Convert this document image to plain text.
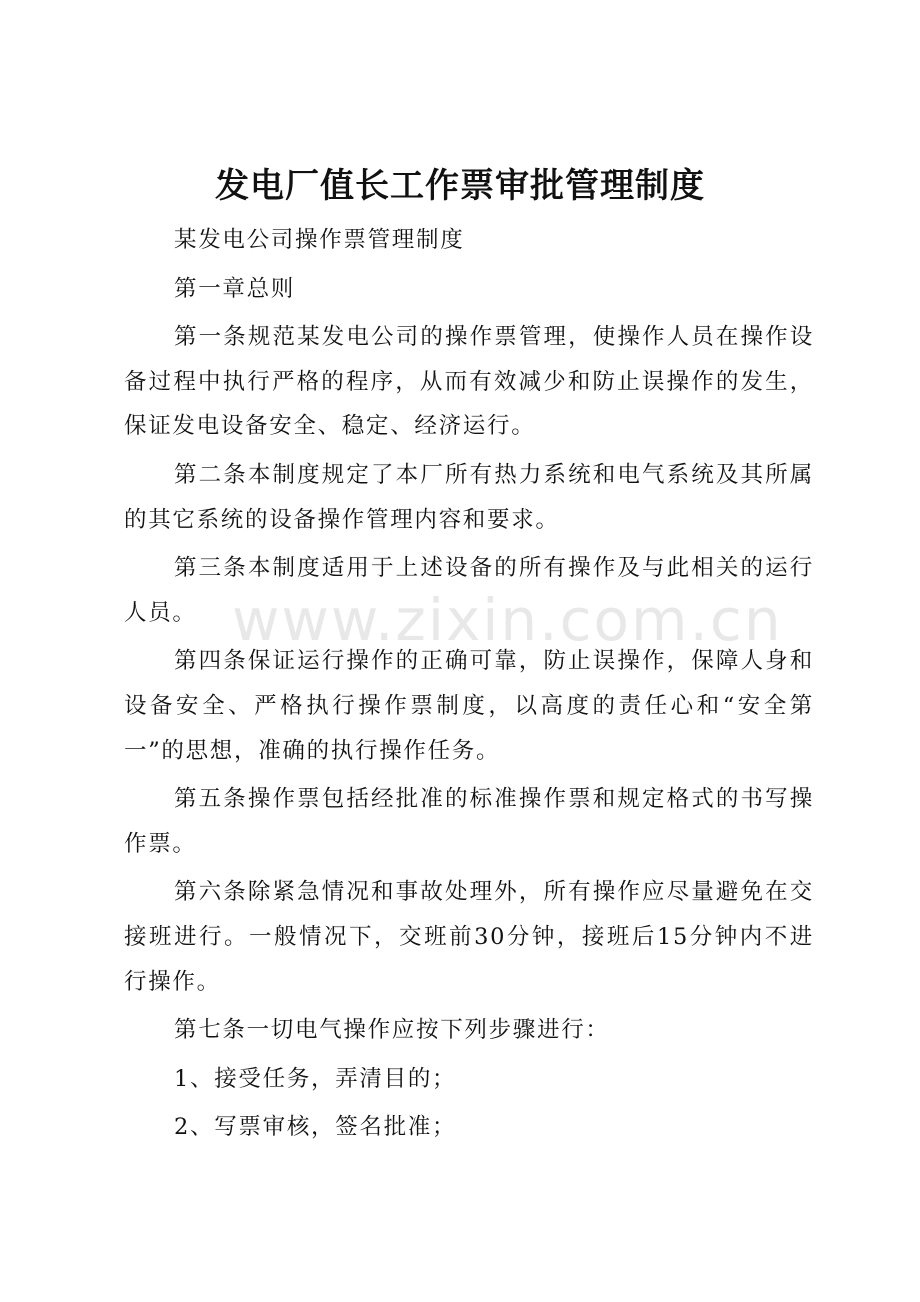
发电厂值长工作票审批管理制度

某发电公司操作票管理制度

第一章总则

第一条规范某发电公司的操作票管理，使操作人员在操作设备过程中执行严格的程序，从而有效减少和防止误操作的发生，保证发电设备安全、稳定、经济运行。

第二条本制度规定了本厂所有热力系统和电气系统及其所属的其它系统的设备操作管理内容和要求。

第三条本制度适用于上述设备的所有操作及与此相关的运行人员。

第四条保证运行操作的正确可靠，防止误操作，保障人身和设备安全、严格执行操作票制度，以高度的责任心和“安全第一”的思想，准确的执行操作任务。

第五条操作票包括经批准的标准操作票和规定格式的书写操作票。

第六条除紧急情况和事故处理外，所有操作应尽量避免在交接班进行。一般情况下，交班前30分钟，接班后15分钟内不进行操作。

第七条一切电气操作应按下列步骤进行：

1、接受任务，弄清目的；

2、写票审核，签名批准；

www.zixin.com.cn
